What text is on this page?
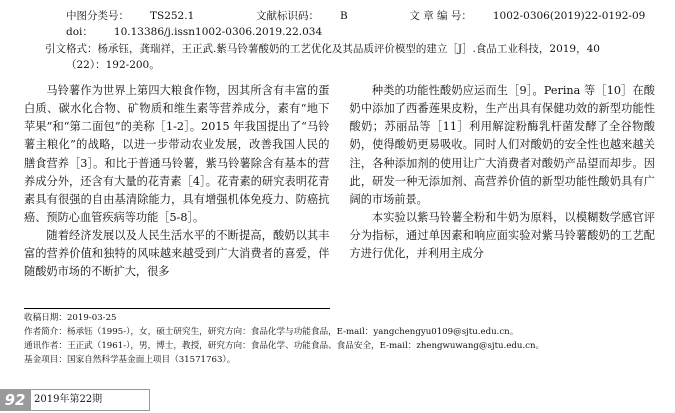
中图分类号： TS252.1	文献标识码： B	文 章 编 号： 1002-0306(2019)22-0192-09
doi： 10.13386/j.issn1002-0306.2019.22.034
引文格式：杨承钰，龚瑞祥，王正武.紫马铃薯酸奶的工艺优化及其品质评价模型的建立［J］.食品工业科技，2019，40
（22）：192-200。

马铃薯作为世界上第四大粮食作物，因其所含有丰富的蛋白质、碳水化合物、矿物质和维生素等营养成分，素有“地下苹果”和“第二面包”的美称［1-2］。2015 年我国提出了“马铃薯主粮化”的战略，以进一步带动农业发展，改善我国人民的膳食营养［3］。和比于普通马铃薯，紫马铃薯除含有基本的营养成分外，还含有大量的花青素［4］。花青素的研究表明花青素具有很强的自由基清除能力，具有增强机体免疫力、防癌抗癌、预防心血管疾病等功能［5-8］。

随着经济发展以及人民生活水平的不断提高，酸奶以其丰富的营养价值和独特的风味越来越受到广大消费者的喜爱，伴随酸奶市场的不断扩大，很多

种类的功能性酸奶应运而生［9］。Perina 等［10］在酸奶中添加了西番莲果皮粉，生产出具有保健功效的新型功能性酸奶；苏丽品等［11］利用解淀粉酶乳杆菌发酵了全谷物酸奶，使得酸奶更易吸收。同时人们对酸奶的安全性也越来越关注，各种添加剂的使用让广大消费者对酸奶产品望而却步。因此，研发一种无添加剂、高营养价值的新型功能性酸奶具有广阔的市场前景。

本实验以紫马铃薯全粉和牛奶为原料，以模糊数学感官评分为指标，通过单因素和响应面实验对紫马铃薯酸奶的工艺配方进行优化，并利用主成分

收稿日期：2019-03-25
作者简介：杨承钰（1995-），女，硕士研究生，研究方向：食品化学与功能食品，E-mail：yangchengyu0109@sjtu.edu.cn。
通讯作者：王正武（1961-），男，博士，教授，研究方向：食品化学、功能食品、食品安全，E-mail：zhengwuwang@sjtu.edu.cn。
基金项目：国家自然科学基金面上项目（31571763）。
92 2019年第22期
